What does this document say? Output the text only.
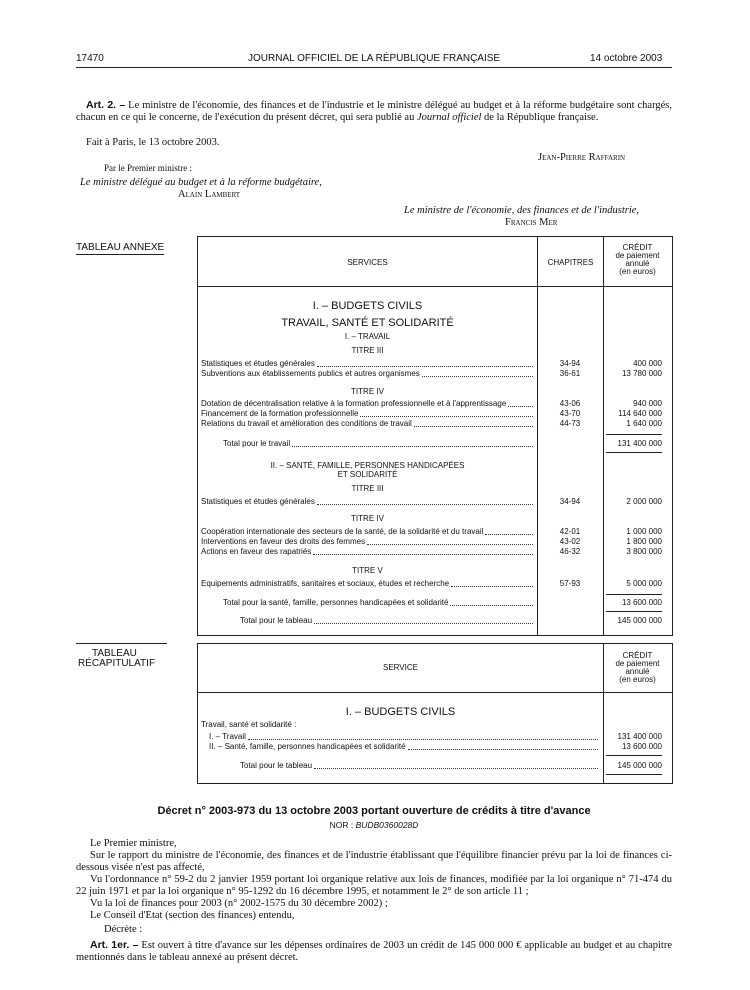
17470	JOURNAL OFFICIEL DE LA RÉPUBLIQUE FRANÇAISE	14 octobre 2003
Art. 2. – Le ministre de l'économie, des finances et de l'industrie et le ministre délégué au budget et à la réforme budgétaire sont chargés, chacun en ce qui le concerne, de l'exécution du présent décret, qui sera publié au Journal officiel de la République française.
Fait à Paris, le 13 octobre 2003.
Jean-Pierre Raffarin
Par le Premier ministre :
Le ministre délégué au budget et à la réforme budgétaire,
Alain Lambert
Le ministre de l'économie, des finances et de l'industrie,
Francis Mer
TABLEAU ANNEXE
SERVICES	CHAPITRES
CRÉDIT
de paiement
annulé
(en euros)
I. – BUDGETS CIVILS
TRAVAIL, SANTÉ ET SOLIDARITÉ
I. – TRAVAIL
TITRE III
Statistiques et études générales	34-94	400 000
Subventions aux établissements publics et autres organismes	36-61	13 780 000
Dotation de décentralisation relative à la formation professionnelle et à l'apprentissage	43-06	940 000
Financement de la formation professionnelle	43-70	114 640 000
Relations du travail et amélioration des conditions de travail	44-73	1 640 000
Total pour le travail	131 400 000
Statistiques et études générales	34-94	2 000 000
Coopération internationale des secteurs de la santé, de la solidarité et du travail	42-01	1 000 000
Interventions en faveur des droits des femmes	43-02	1 800 000
Actions en faveur des rapatriés	46-32	3 800 000
Equipements administratifs, sanitaires et sociaux, études et recherche	57-93	5 000 000
Total pour la santé, famille, personnes handicapées et solidarité	13 600 000
Total pour le tableau	145 000 000
TITRE IV
II. – SANTÉ, FAMILLE, PERSONNES HANDICAPÉES
ET SOLIDARITÉ
TITRE III
TITRE IV
TITRE V
TABLEAU
RÉCAPITULATIF	SERVICE
CRÉDIT
de paiement
annulé
(en euros)
I. – BUDGETS CIVILS
Travail, santé et solidarité :
I. – Travail	131 400 000
II. – Santé, famille, personnes handicapées et solidarité	13 600 000
Total pour le tableau	145 000 000
Décret n° 2003-973 du 13 octobre 2003 portant ouverture de crédits à titre d'avance
NOR : BUDB0360028D
Le Premier ministre,
Sur le rapport du ministre de l'économie, des finances et de l'industrie établissant que l'équilibre financier prévu par la loi de finances ci-dessous visée n'est pas affecté,
Vu l'ordonnance n° 59-2 du 2 janvier 1959 portant loi organique relative aux lois de finances, modifiée par la loi organique n° 71-474 du 22 juin 1971 et par la loi organique n° 95-1292 du 16 décembre 1995, et notamment le 2° de son article 11 ;
Vu la loi de finances pour 2003 (n° 2002-1575 du 30 décembre 2002) ;
Le Conseil d'Etat (section des finances) entendu,
Décrète :
Art. 1er. – Est ouvert à titre d'avance sur les dépenses ordinaires de 2003 un crédit de 145 000 000 € applicable au budget et au chapitre mentionnés dans le tableau annexé au présent décret.
